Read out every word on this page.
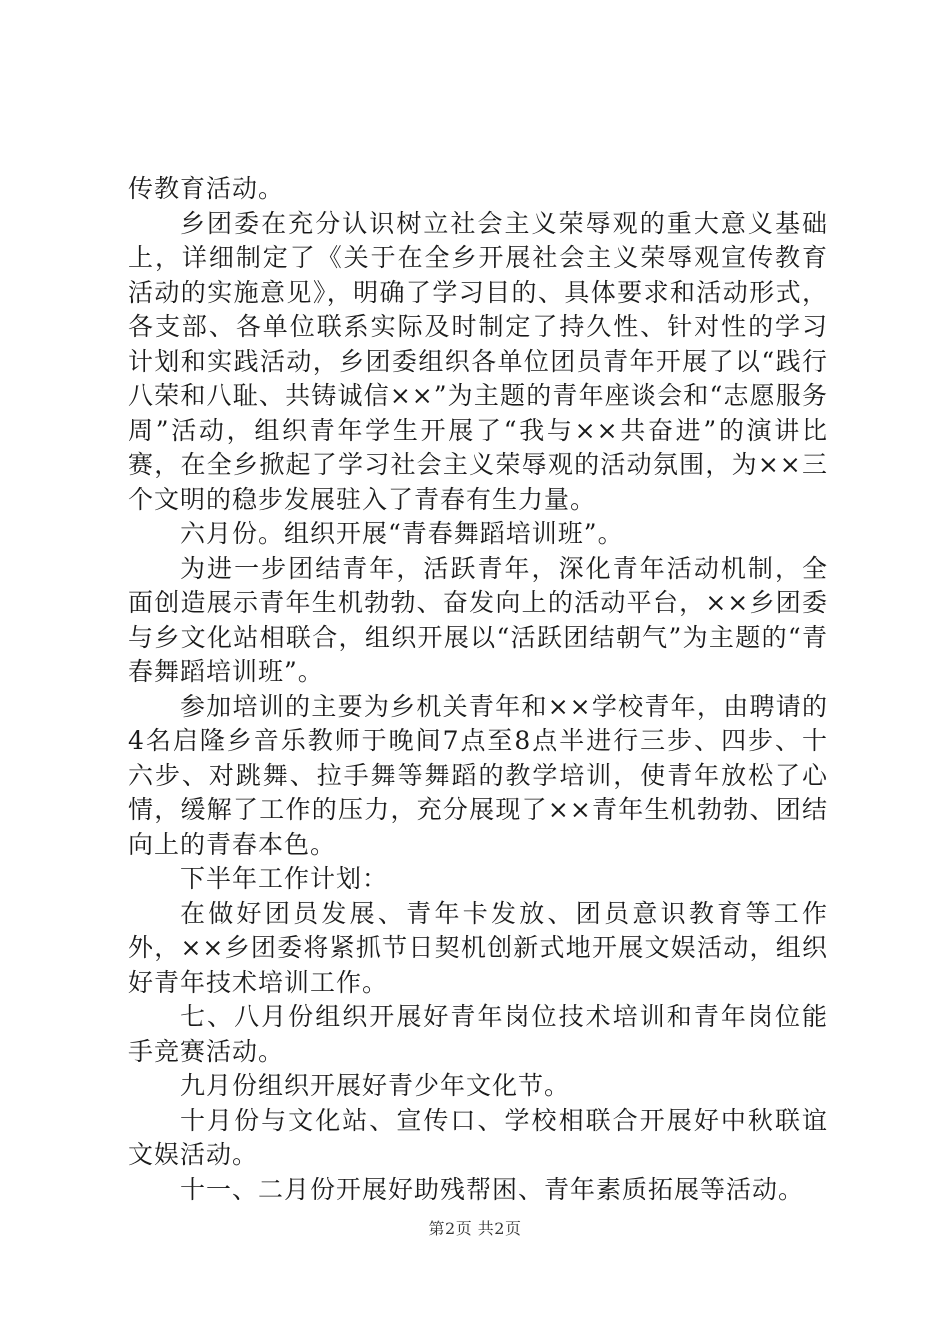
传教育活动。

乡团委在充分认识树立社会主义荣辱观的重大意义基础上，详细制定了《关于在全乡开展社会主义荣辱观宣传教育活动的实施意见》，明确了学习目的、具体要求和活动形式，各支部、各单位联系实际及时制定了持久性、针对性的学习计划和实践活动，乡团委组织各单位团员青年开展了以“践行八荣和八耻、共铸诚信××”为主题的青年座谈会和“志愿服务周”活动，组织青年学生开展了“我与××共奋进”的演讲比赛，在全乡掀起了学习社会主义荣辱观的活动氛围，为××三个文明的稳步发展驻入了青春有生力量。

六月份。组织开展“青春舞蹈培训班”。

为进一步团结青年，活跃青年，深化青年活动机制，全面创造展示青年生机勃勃、奋发向上的活动平台，××乡团委与乡文化站相联合，组织开展以“活跃团结朝气”为主题的“青春舞蹈培训班”。

参加培训的主要为乡机关青年和××学校青年，由聘请的4名启隆乡音乐教师于晚间7点至8点半进行三步、四步、十六步、对跳舞、拉手舞等舞蹈的教学培训，使青年放松了心情，缓解了工作的压力，充分展现了××青年生机勃勃、团结向上的青春本色。

下半年工作计划：

在做好团员发展、青年卡发放、团员意识教育等工作外，××乡团委将紧抓节日契机创新式地开展文娱活动，组织好青年技术培训工作。

七、八月份组织开展好青年岗位技术培训和青年岗位能手竞赛活动。

九月份组织开展好青少年文化节。

十月份与文化站、宣传口、学校相联合开展好中秋联谊文娱活动。

十一、二月份开展好助残帮困、青年素质拓展等活动。

第2页 共2页
